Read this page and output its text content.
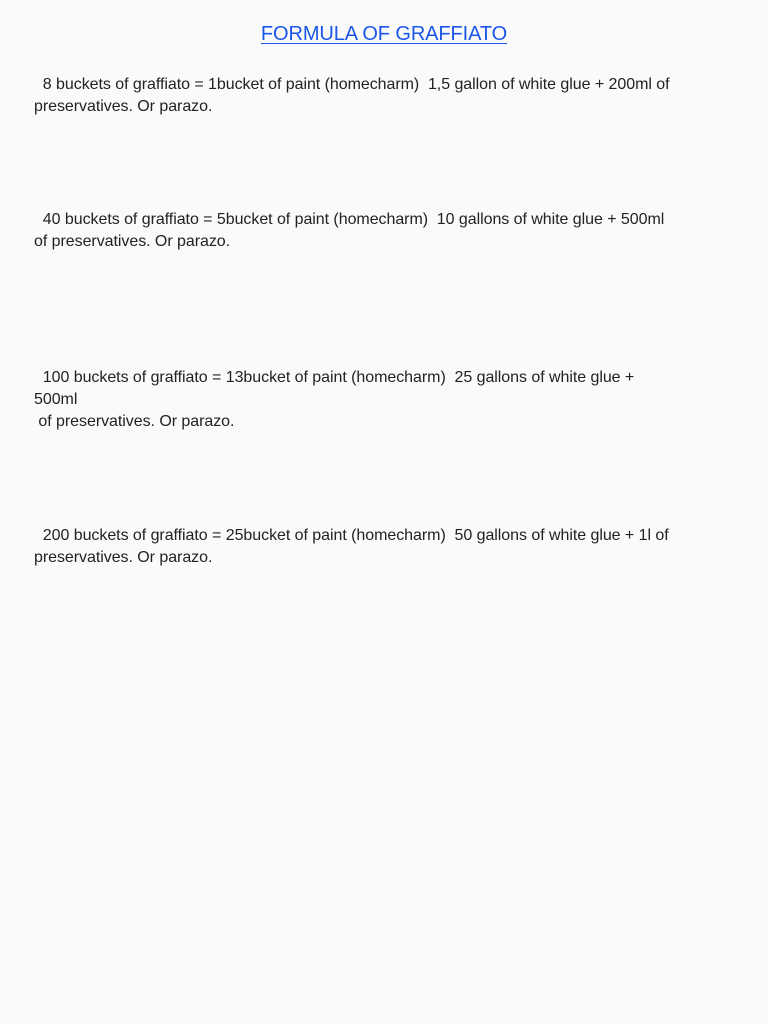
FORMULA OF GRAFFIATO
8 buckets of graffiato = 1bucket of paint (homecharm)  1,5 gallon of white glue + 200ml of
preservatives. Or parazo.
40 buckets of graffiato = 5bucket of paint (homecharm)  10 gallons of white glue + 500ml
of preservatives. Or parazo.
100 buckets of graffiato = 13bucket of paint (homecharm)  25 gallons of white glue +
500ml
of preservatives. Or parazo.
200 buckets of graffiato = 25bucket of paint (homecharm)  50 gallons of white glue + 1l of
preservatives. Or parazo.
